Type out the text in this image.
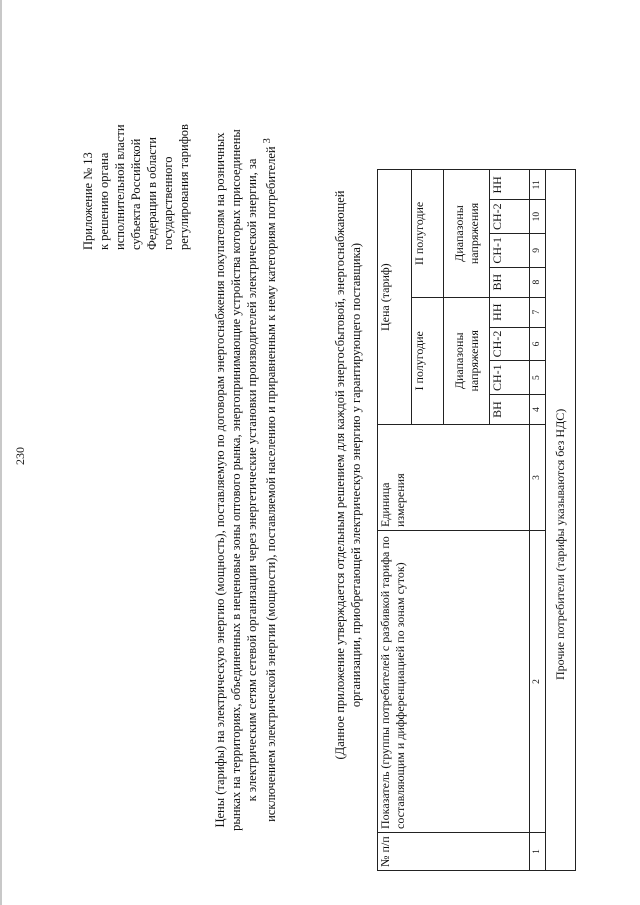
230
Приложение № 13 к решению органа исполнительной власти субъекта Российской Федерации в области государственного регулирования тарифов Цены (тарифы) на электрическую энергию (мощность), поставляемую по договорам энергоснабжения покупателям на розничных рынках на территориях, объединенных в неценовые зоны оптового рынка, энергопринимающие устройства которых присоединены к электрическим сетям сетевой организации через энергетические установки производителей электрической энергии, за исключением электрической энергии (мощности), поставляемой населению и приравненным к нему категориям потребителей $^3$
(Данное приложение утверждается отдельным решением для каждой энергосбытовой, энергоснабжающей организации, приобретающей электрическую энергию у гарантирующего поставщика)
№ п/п	Показатель (группы потребителей с разбивкой тарифа по составляющим и дифференциацией по зонам суток)	Единица измерения	Цена (тариф)							
			I полугодие				II полугодие			
			Диапазоны напряжения				Диапазоны напряжения			
			ВН	СН-1	СН-2	НН	ВН	СН-1	СН-2	НН
1	2	3	4	5	6	7	8	9	10	11
Прочие потребители (тарифы указываются без НДС)										
